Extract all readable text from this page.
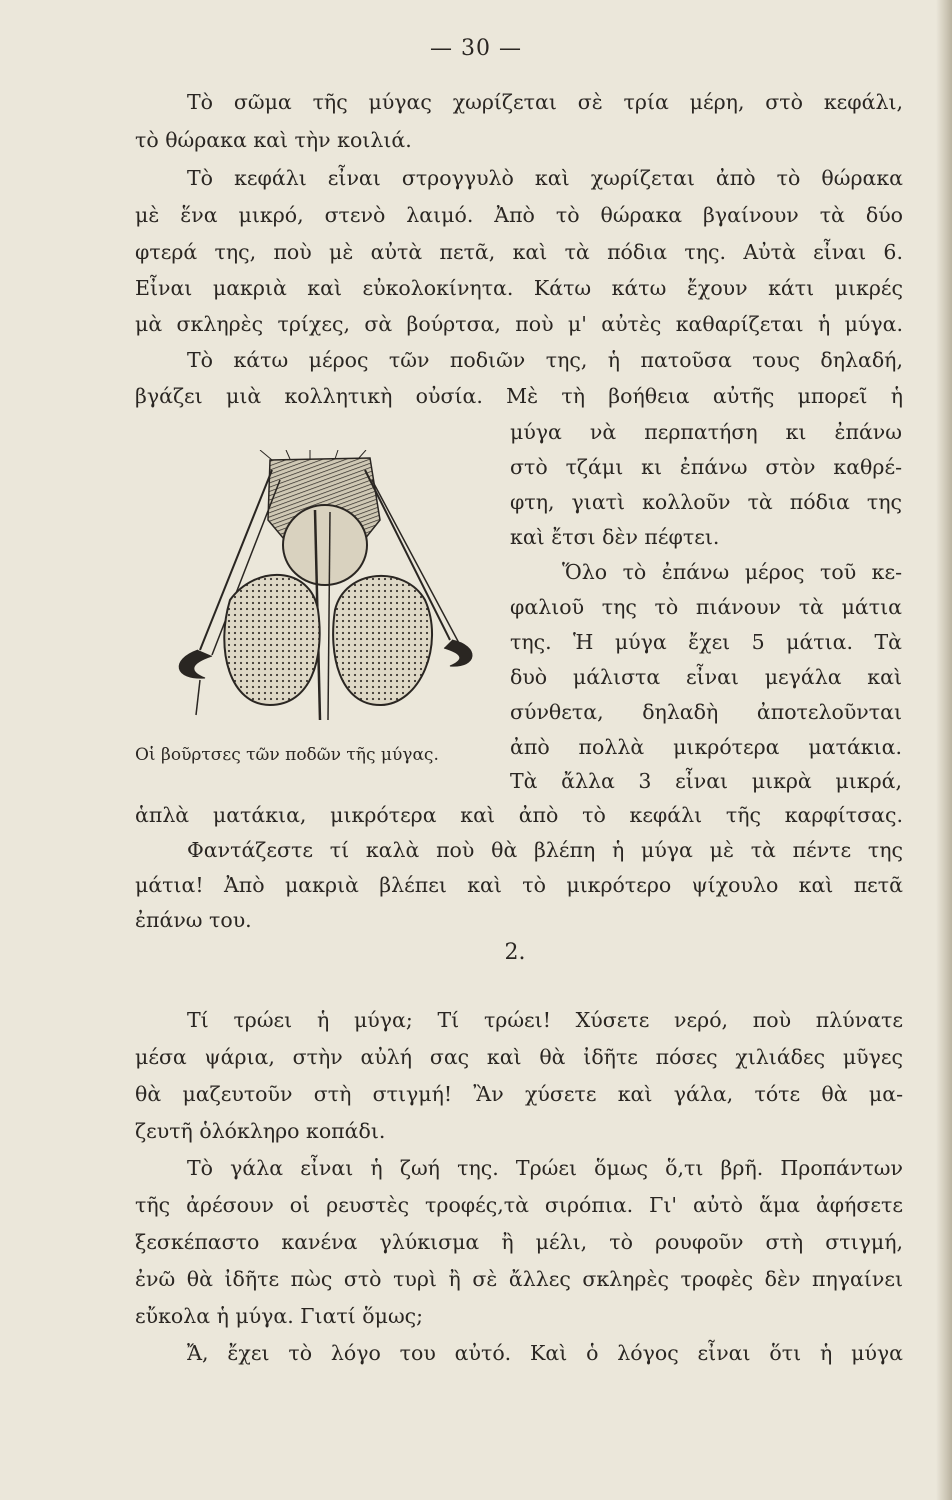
— 30 —
Τὸ σῶμα τῆς μύγας χωρίζεται σὲ τρία μέρη, στὸ κεφάλι,
τὸ θώρακα καὶ τὴν κοιλιά.
Τὸ κεφάλι εἶναι στρογγυλὸ καὶ χωρίζεται ἀπὸ τὸ θώρακα
μὲ ἕνα μικρό, στενὸ λαιμό. Ἀπὸ τὸ θώρακα βγαίνουν τὰ δύο
φτερά της, ποὺ μὲ αὐτὰ πετᾶ, καὶ τὰ πόδια της. Αὐτὰ εἶναι 6.
Εἶναι μακριὰ καὶ εὐκολοκίνητα. Κάτω κάτω ἔχουν κάτι μικρές
μὰ σκληρὲς τρίχες, σὰ βούρτσα, ποὺ μ' αὐτὲς καθαρίζεται ἡ μύγα.
Τὸ κάτω μέρος τῶν ποδιῶν της, ἡ πατοῦσα τους δηλαδή,
βγάζει μιὰ κολλητικὴ οὐσία. Μὲ τὴ βοήθεια αὐτῆς μπορεῖ ἡ
μύγα νὰ περπατήση κι ἐπάνω
στὸ τζάμι κι ἐπάνω στὸν καθρέ-
φτη, γιατὶ κολλοῦν τὰ πόδια της
καὶ ἔτσι δὲν πέφτει.
Ὅλο τὸ ἐπάνω μέρος τοῦ κε-
φαλιοῦ της τὸ πιάνουν τὰ μάτια
της. Ἡ μύγα ἔχει 5 μάτια. Τὰ
δυὸ μάλιστα εἶναι μεγάλα καὶ
σύνθετα, δηλαδὴ ἀποτελοῦνται
ἀπὸ πολλὰ μικρότερα ματάκια.
Τὰ ἄλλα 3 εἶναι μικρὰ μικρά,
Οἱ βοῦρτσες τῶν ποδῶν τῆς μύγας.
ἁπλὰ ματάκια, μικρότερα καὶ ἀπὸ τὸ κεφάλι τῆς καρφίτσας.
Φαντάζεστε τί καλὰ ποὺ θὰ βλέπη ἡ μύγα μὲ τὰ πέντε της
μάτια! Ἀπὸ μακριὰ βλέπει καὶ τὸ μικρότερο ψίχουλο καὶ πετᾶ
ἐπάνω του.
2.
Τί τρώει ἡ μύγα; Τί τρώει! Χύσετε νερό, ποὺ πλύνατε
μέσα ψάρια, στὴν αὐλή σας καὶ θὰ ἰδῆτε πόσες χιλιάδες μῦγες
θὰ μαζευτοῦν στὴ στιγμή! Ἂν χύσετε καὶ γάλα, τότε θὰ μα-
ζευτῆ ὁλόκληρο κοπάδι.
Τὸ γάλα εἶναι ἡ ζωή της. Τρώει ὅμως ὅ,τι βρῆ. Προπάντων
τῆς ἀρέσουν οἱ ρευστὲς τροφές,τὰ σιρόπια. Γι' αὐτὸ ἅμα ἀφήσετε
ξεσκέπαστο κανένα γλύκισμα ἢ μέλι, τὸ ρουφοῦν στὴ στιγμή,
ἐνῶ θὰ ἰδῆτε πὼς στὸ τυρὶ ἢ σὲ ἄλλες σκληρὲς τροφὲς δὲν πηγαίνει
εὔκολα ἡ μύγα. Γιατί ὅμως;
Ἄ, ἔχει τὸ λόγο του αὐτό. Καὶ ὁ λόγος εἶναι ὅτι ἡ μύγα
